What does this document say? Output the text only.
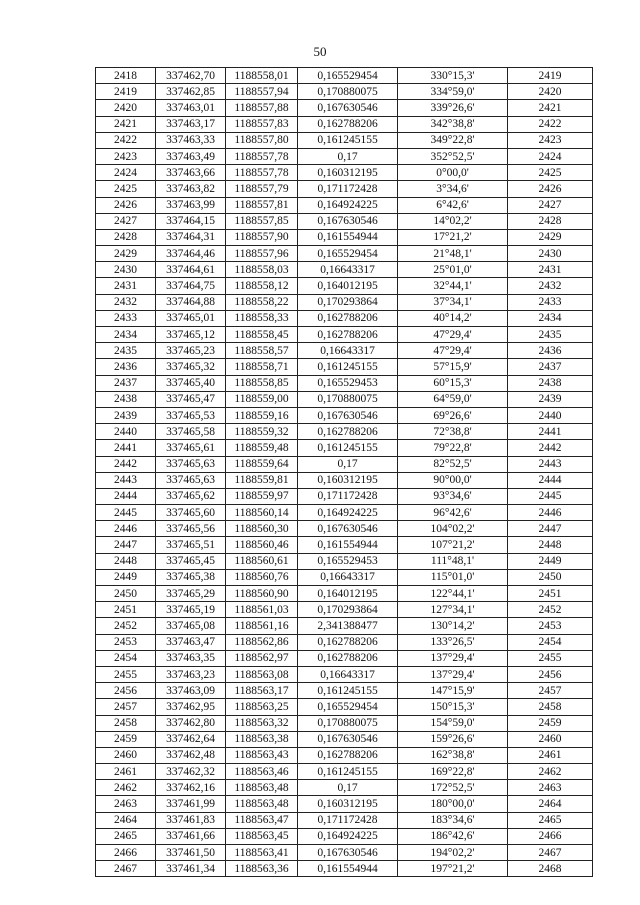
50
2418	337462,70	1188558,01	0,165529454	330°15,3'	2419
2419	337462,85	1188557,94	0,170880075	334°59,0'	2420
2420	337463,01	1188557,88	0,167630546	339°26,6'	2421
2421	337463,17	1188557,83	0,162788206	342°38,8'	2422
2422	337463,33	1188557,80	0,161245155	349°22,8'	2423
2423	337463,49	1188557,78	0,17	352°52,5'	2424
2424	337463,66	1188557,78	0,160312195	0°00,0'	2425
2425	337463,82	1188557,79	0,171172428	3°34,6'	2426
2426	337463,99	1188557,81	0,164924225	6°42,6'	2427
2427	337464,15	1188557,85	0,167630546	14°02,2'	2428
2428	337464,31	1188557,90	0,161554944	17°21,2'	2429
2429	337464,46	1188557,96	0,165529454	21°48,1'	2430
2430	337464,61	1188558,03	0,16643317	25°01,0'	2431
2431	337464,75	1188558,12	0,164012195	32°44,1'	2432
2432	337464,88	1188558,22	0,170293864	37°34,1'	2433
2433	337465,01	1188558,33	0,162788206	40°14,2'	2434
2434	337465,12	1188558,45	0,162788206	47°29,4'	2435
2435	337465,23	1188558,57	0,16643317	47°29,4'	2436
2436	337465,32	1188558,71	0,161245155	57°15,9'	2437
2437	337465,40	1188558,85	0,165529453	60°15,3'	2438
2438	337465,47	1188559,00	0,170880075	64°59,0'	2439
2439	337465,53	1188559,16	0,167630546	69°26,6'	2440
2440	337465,58	1188559,32	0,162788206	72°38,8'	2441
2441	337465,61	1188559,48	0,161245155	79°22,8'	2442
2442	337465,63	1188559,64	0,17	82°52,5'	2443
2443	337465,63	1188559,81	0,160312195	90°00,0'	2444
2444	337465,62	1188559,97	0,171172428	93°34,6'	2445
2445	337465,60	1188560,14	0,164924225	96°42,6'	2446
2446	337465,56	1188560,30	0,167630546	104°02,2'	2447
2447	337465,51	1188560,46	0,161554944	107°21,2'	2448
2448	337465,45	1188560,61	0,165529453	111°48,1'	2449
2449	337465,38	1188560,76	0,16643317	115°01,0'	2450
2450	337465,29	1188560,90	0,164012195	122°44,1'	2451
2451	337465,19	1188561,03	0,170293864	127°34,1'	2452
2452	337465,08	1188561,16	2,341388477	130°14,2'	2453
2453	337463,47	1188562,86	0,162788206	133°26,5'	2454
2454	337463,35	1188562,97	0,162788206	137°29,4'	2455
2455	337463,23	1188563,08	0,16643317	137°29,4'	2456
2456	337463,09	1188563,17	0,161245155	147°15,9'	2457
2457	337462,95	1188563,25	0,165529454	150°15,3'	2458
2458	337462,80	1188563,32	0,170880075	154°59,0'	2459
2459	337462,64	1188563,38	0,167630546	159°26,6'	2460
2460	337462,48	1188563,43	0,162788206	162°38,8'	2461
2461	337462,32	1188563,46	0,161245155	169°22,8'	2462
2462	337462,16	1188563,48	0,17	172°52,5'	2463
2463	337461,99	1188563,48	0,160312195	180°00,0'	2464
2464	337461,83	1188563,47	0,171172428	183°34,6'	2465
2465	337461,66	1188563,45	0,164924225	186°42,6'	2466
2466	337461,50	1188563,41	0,167630546	194°02,2'	2467
2467	337461,34	1188563,36	0,161554944	197°21,2'	2468
